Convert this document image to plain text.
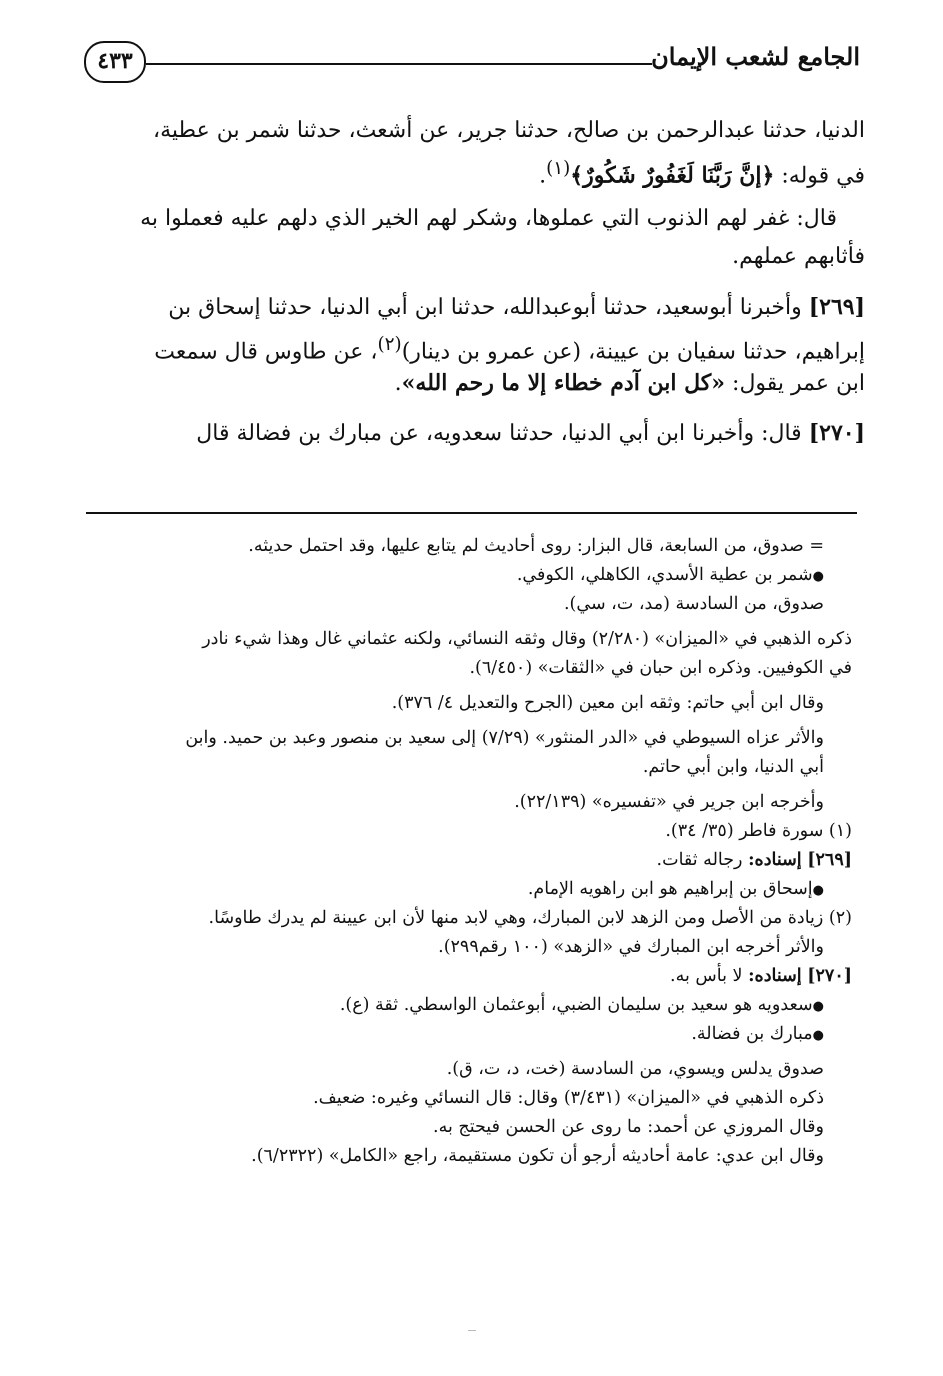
٤٣٣	الجامع لشعب الإيمان
الدنيا، حدثنا عبدالرحمن بن صالح، حدثنا جرير، عن أشعث، حدثنا شمر بن عطية،
في قوله: ﴿إِنَّ رَبَّنَا لَغَفُورٌ شَكُورٌ﴾$^{(١)}$.
قال: غفر لهم الذنوب التي عملوها، وشكر لهم الخير الذي دلهم عليه فعملوا به
فأثابهم عملهم.
[٢٦٩] وأخبرنا أبوسعيد، حدثنا أبوعبدالله، حدثنا ابن أبي الدنيا، حدثنا إسحاق بن
إبراهيم، حدثنا سفيان بن عيينة، (عن عمرو بن دينار)$^{(٢)}$، عن طاوس قال سمعت
ابن عمر يقول: «كل ابن آدم خطاء إلا ما رحم الله».
[٢٧٠] قال: وأخبرنا ابن أبي الدنيا، حدثنا سعدويه، عن مبارك بن فضالة قال
= صدوق، من السابعة، قال البزار: روى أحاديث لم يتابع عليها، وقد احتمل حديثه.
● شمر بن عطية الأسدي، الكاهلي، الكوفي.
صدوق، من السادسة (مد، ت، سي).
ذكره الذهبي في «الميزان» (٢/٢٨٠) وقال وثقه النسائي، ولكنه عثماني غال وهذا شيء نادر
في الكوفيين. وذكره ابن حبان في «الثقات» (٦/٤٥٠).
وقال ابن أبي حاتم: وثقه ابن معين (الجرح والتعديل ٤/ ٣٧٦).
والأثر عزاه السيوطي في «الدر المنثور» (٧/٢٩) إلى سعيد بن منصور وعبد بن حميد. وابن
أبي الدنيا، وابن أبي حاتم.
وأخرجه ابن جرير في «تفسيره» (٢٢/١٣٩).
(١) سورة فاطر (٣٥/ ٣٤).
[٢٦٩] إسناده: رجاله ثقات.
● إسحاق بن إبراهيم هو ابن راهويه الإمام.
(٢) زيادة من الأصل ومن الزهد لابن المبارك، وهي لابد منها لأن ابن عيينة لم يدرك طاوسًا.
والأثر أخرجه ابن المبارك في «الزهد» (١٠٠ رقم٢٩٩).
[٢٧٠] إسناده: لا بأس به.
● سعدويه هو سعيد بن سليمان الضبي، أبوعثمان الواسطي. ثقة (ع).
● مبارك بن فضالة.
صدوق يدلس ويسوي، من السادسة (خت، د، ت، ق).
ذكره الذهبي في «الميزان» (٣/٤٣١) وقال: قال النسائي وغيره: ضعيف.
وقال المروزي عن أحمد: ما روى عن الحسن فيحتج به.
وقال ابن عدي: عامة أحاديثه أرجو أن تكون مستقيمة، راجع «الكامل» (٦/٢٣٢٢).
